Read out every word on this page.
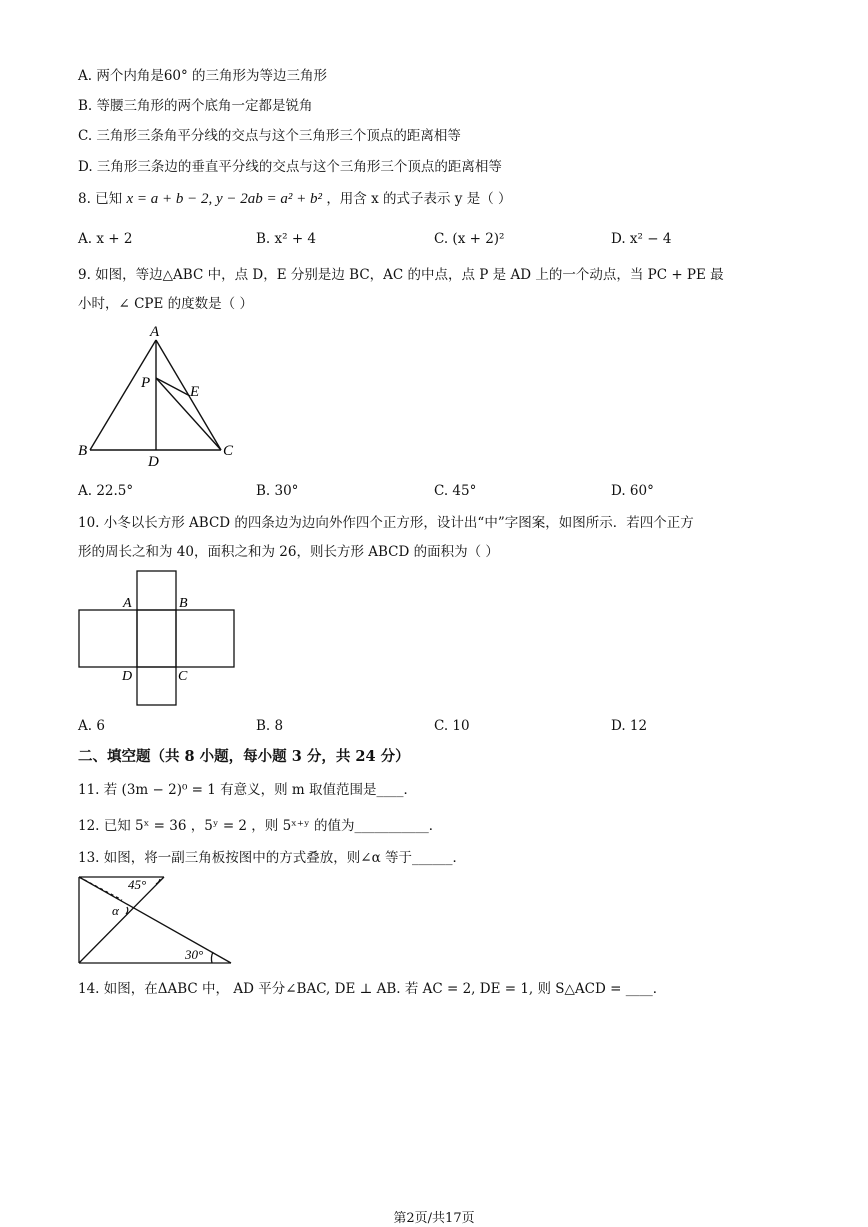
A. 两个内角是60° 的三角形为等边三角形
B. 等腰三角形的两个底角一定都是锐角
C. 三角形三条角平分线的交点与这个三角形三个顶点的距离相等
D. 三角形三条边的垂直平分线的交点与这个三角形三个顶点的距离相等
8. 已知 x = a + b − 2, y − 2ab = a² + b² ，用含 x 的式子表示 y 是（ ）
A. x + 2	B. x² + 4	C. (x + 2)²	D. x² − 4
9. 如图，等边△ABC 中，点 D，E 分别是边 BC，AC 的中点，点 P 是 AD 上的一个动点，当 PC + PE 最
小时，∠ CPE 的度数是（ ）
A
B	C
D
E
P
A. 22.5°	B. 30°	C. 45°	D. 60°
10. 小冬以长方形 ABCD 的四条边为边向外作四个正方形，设计出“中”字图案，如图所示．若四个正方
形的周长之和为 40，面积之和为 26，则长方形 ABCD 的面积为（ ）
A	B
D	C
A. 6	B. 8	C. 10	D. 12
二、填空题（共 8 小题，每小题 3 分，共 24 分）
11. 若 (3m − 2)⁰ = 1 有意义，则 m 取值范围是____．
12. 已知 5ˣ = 36 ，5ʸ = 2 ，则 5ˣ⁺ʸ 的值为___________．
13. 如图，将一副三角板按图中的方式叠放，则∠α 等于______．
45°
α
30°
14. 如图，在ΔABC 中， AD 平分∠BAC, DE ⊥ AB. 若 AC = 2, DE = 1, 则 S△ACD = ____．
第2页/共17页
